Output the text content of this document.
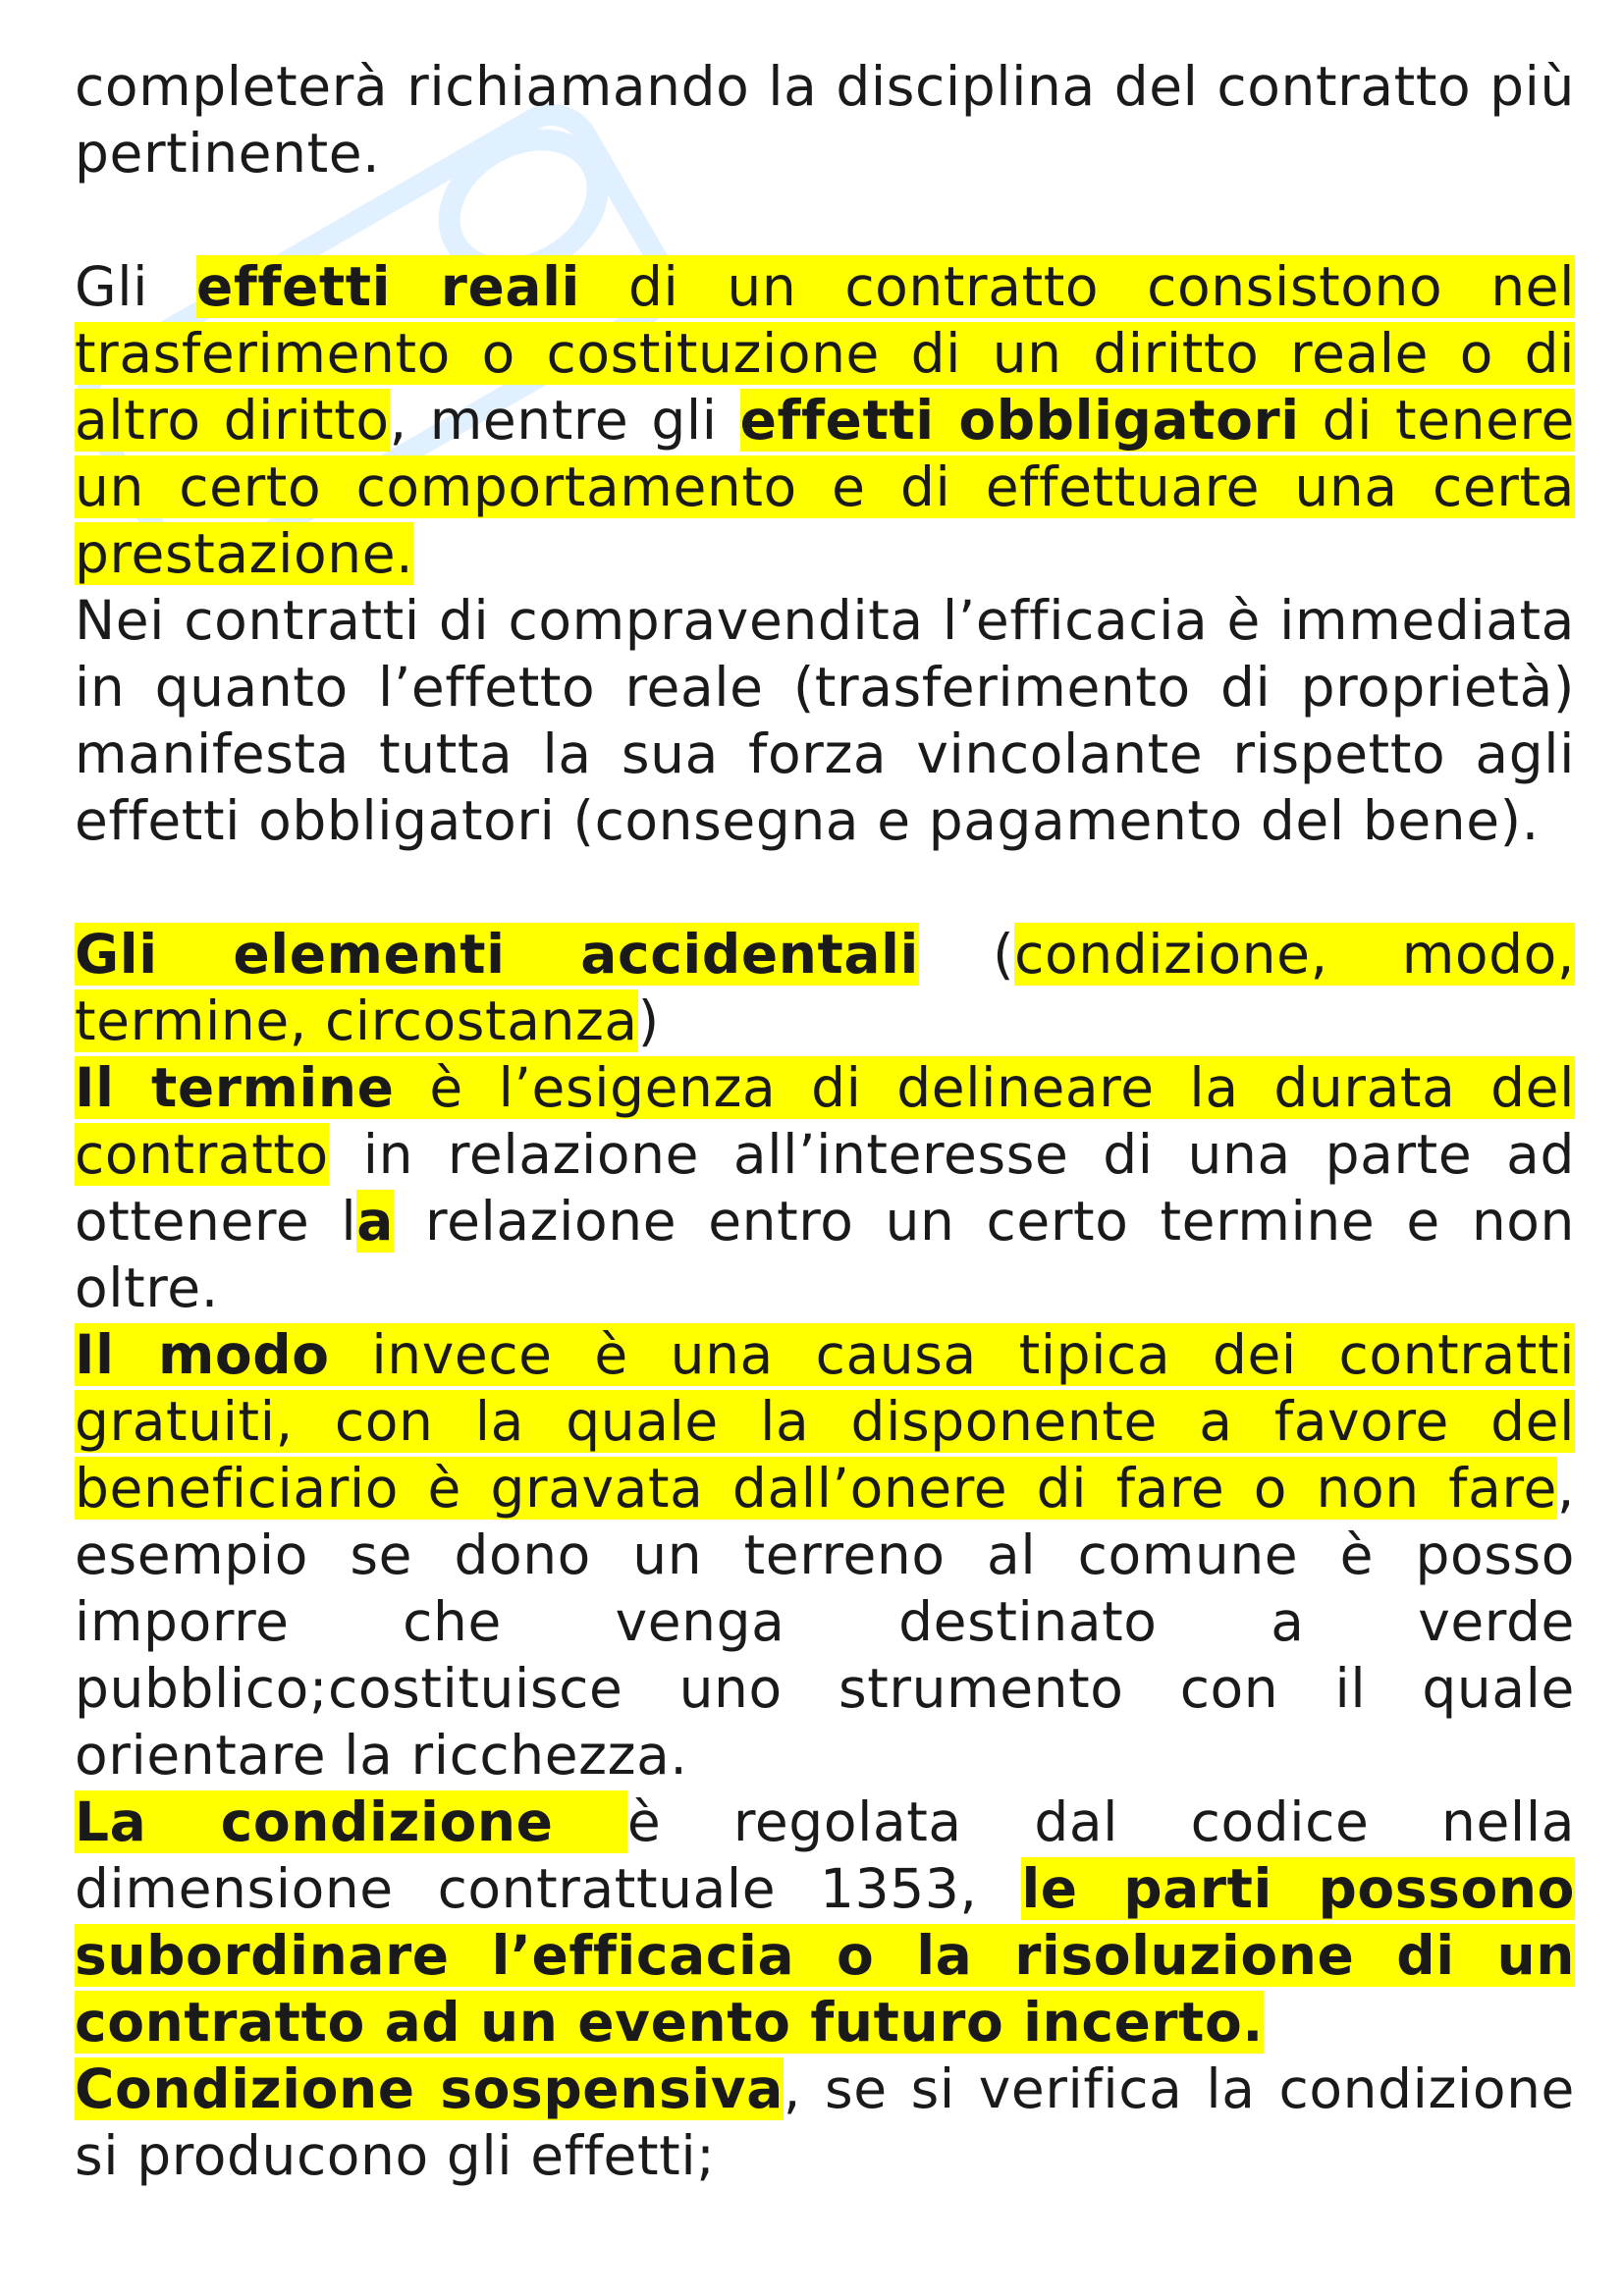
completerà richiamando la disciplina del contratto più pertinente.

Gli effetti reali di un contratto consistono nel trasferimento o costituzione di un diritto reale o di altro diritto, mentre gli effetti obbligatori di tenere un certo comportamento e di effettuare una certa prestazione.

Nei contratti di compravendita l’efficacia è immediata in quanto l’effetto reale (trasferimento di proprietà) manifesta tutta la sua forza vincolante rispetto agli effetti obbligatori (consegna e pagamento del bene).

Gli elementi accidentali (condizione, modo, termine, circostanza)

Il termine è l’esigenza di delineare la durata del contratto in relazione all’interesse di una parte ad ottenere la relazione entro un certo termine e non oltre.

Il modo invece è una causa tipica dei contratti gratuiti, con la quale la disponente a favore del beneficiario è gravata dall’onere di fare o non fare, esempio se dono un terreno al comune è posso imporre che venga destinato a verde pubblico;costituisce uno strumento con il quale orientare la ricchezza.

La condizione è regolata dal codice nella dimensione contrattuale 1353, le parti possono subordinare l’efficacia o la risoluzione di un contratto ad un evento futuro incerto.

Condizione sospensiva, se si verifica la condizione si producono gli effetti;
